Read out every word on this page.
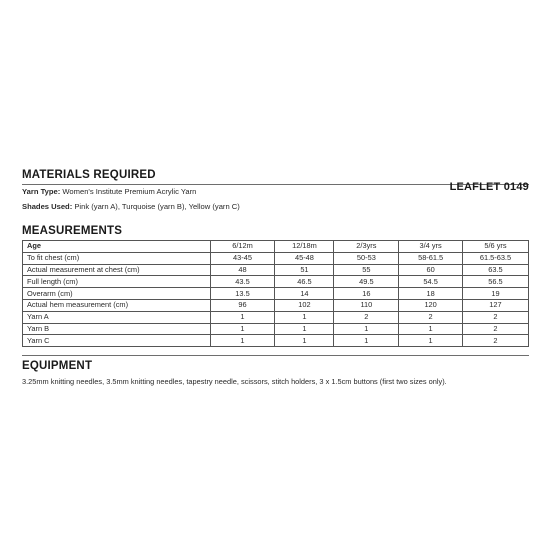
MATERIALS REQUIRED
Yarn Type: Women's Institute Premium Acrylic Yarn
Shades Used: Pink (yarn A), Turquoise (yarn B), Yellow (yarn C)
LEAFLET 0149
MEASUREMENTS
Age	6/12m	12/18m	2/3yrs	3/4 yrs	5/6 yrs
To fit chest (cm)	43-45	45-48	50-53	58-61.5	61.5-63.5
Actual measurement at chest (cm)	48	51	55	60	63.5
Full length (cm)	43.5	46.5	49.5	54.5	56.5
Overarm (cm)	13.5	14	16	18	19
Actual hem measurement (cm)	96	102	110	120	127
Yarn A	1	1	2	2	2
Yarn B	1	1	1	1	2
Yarn C	1	1	1	1	2
EQUIPMENT
3.25mm knitting needles, 3.5mm knitting needles, tapestry needle, scissors, stitch holders, 3 x 1.5cm buttons (first two sizes only).
